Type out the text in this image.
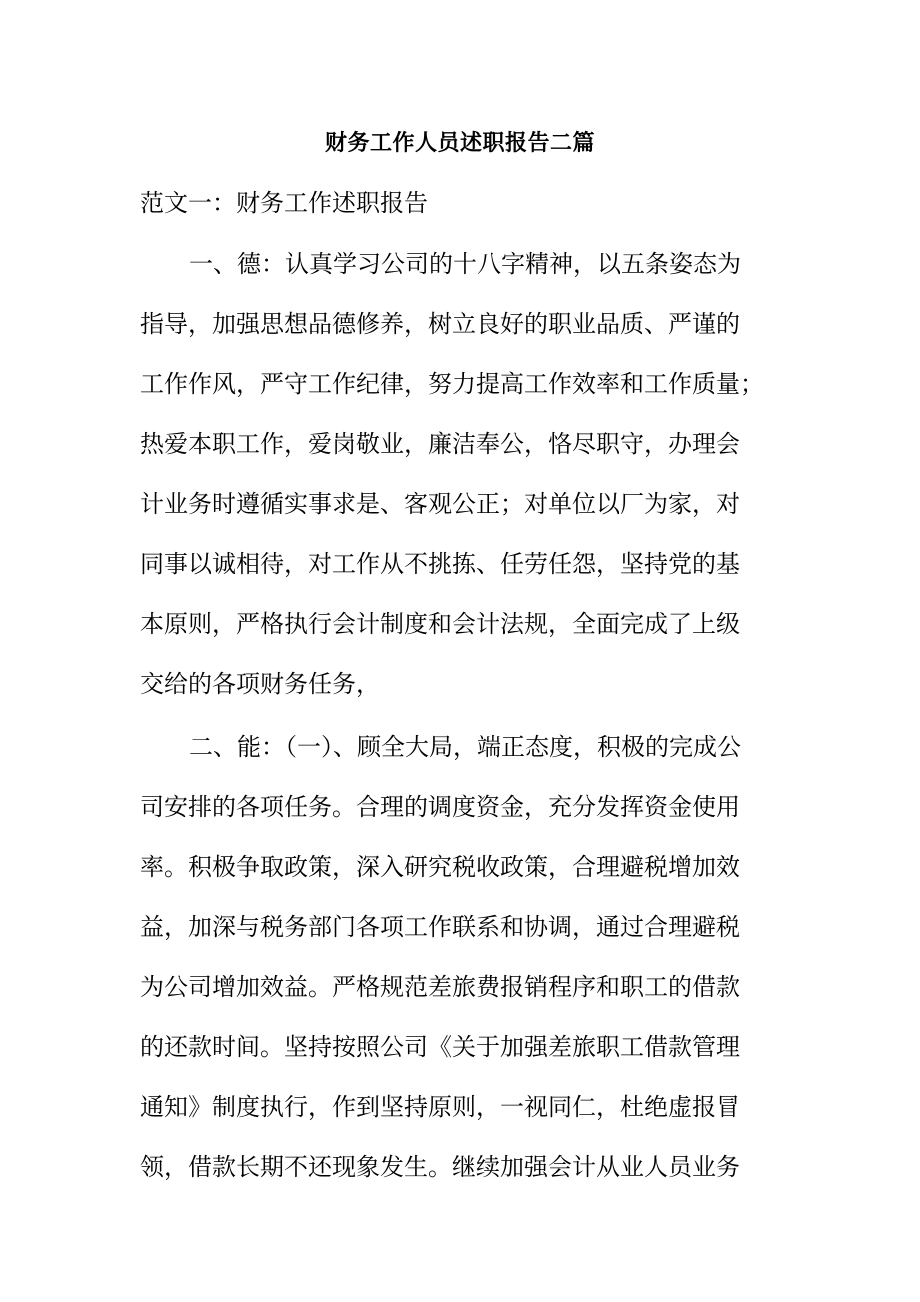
财务工作人员述职报告二篇
范文一：财务工作述职报告
一、德：认真学习公司的十八字精神，以五条姿态为
指导，加强思想品德修养，树立良好的职业品质、严谨的
工作作风，严守工作纪律，努力提高工作效率和工作质量；
热爱本职工作，爱岗敬业，廉洁奉公，恪尽职守，办理会
计业务时遵循实事求是、客观公正；对单位以厂为家，对
同事以诚相待，对工作从不挑拣、任劳任怨，坚持党的基
本原则，严格执行会计制度和会计法规，全面完成了上级
交给的各项财务任务，
二、能：（一）、顾全大局，端正态度，积极的完成公
司安排的各项任务。合理的调度资金，充分发挥资金使用
率。积极争取政策，深入研究税收政策，合理避税增加效
益，加深与税务部门各项工作联系和协调，通过合理避税
为公司增加效益。严格规范差旅费报销程序和职工的借款
的还款时间。坚持按照公司《关于加强差旅职工借款管理
通知》制度执行，作到坚持原则，一视同仁，杜绝虚报冒
领，借款长期不还现象发生。继续加强会计从业人员业务
